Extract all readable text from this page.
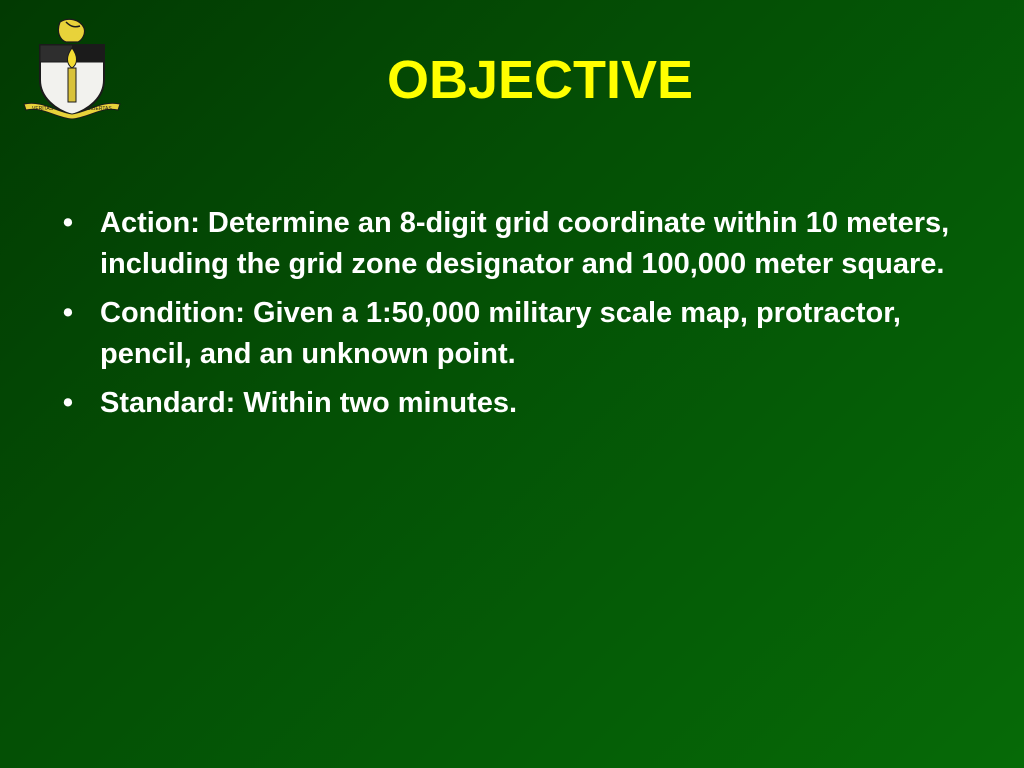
VERITAS	LIBERTAS	OBJECTIVE
• Action: Determine an 8-digit grid coordinate within 10 meters, including the grid zone designator and 100,000 meter square.
• Condition: Given a 1:50,000 military scale map, protractor, pencil, and an unknown point.
• Standard: Within two minutes.
